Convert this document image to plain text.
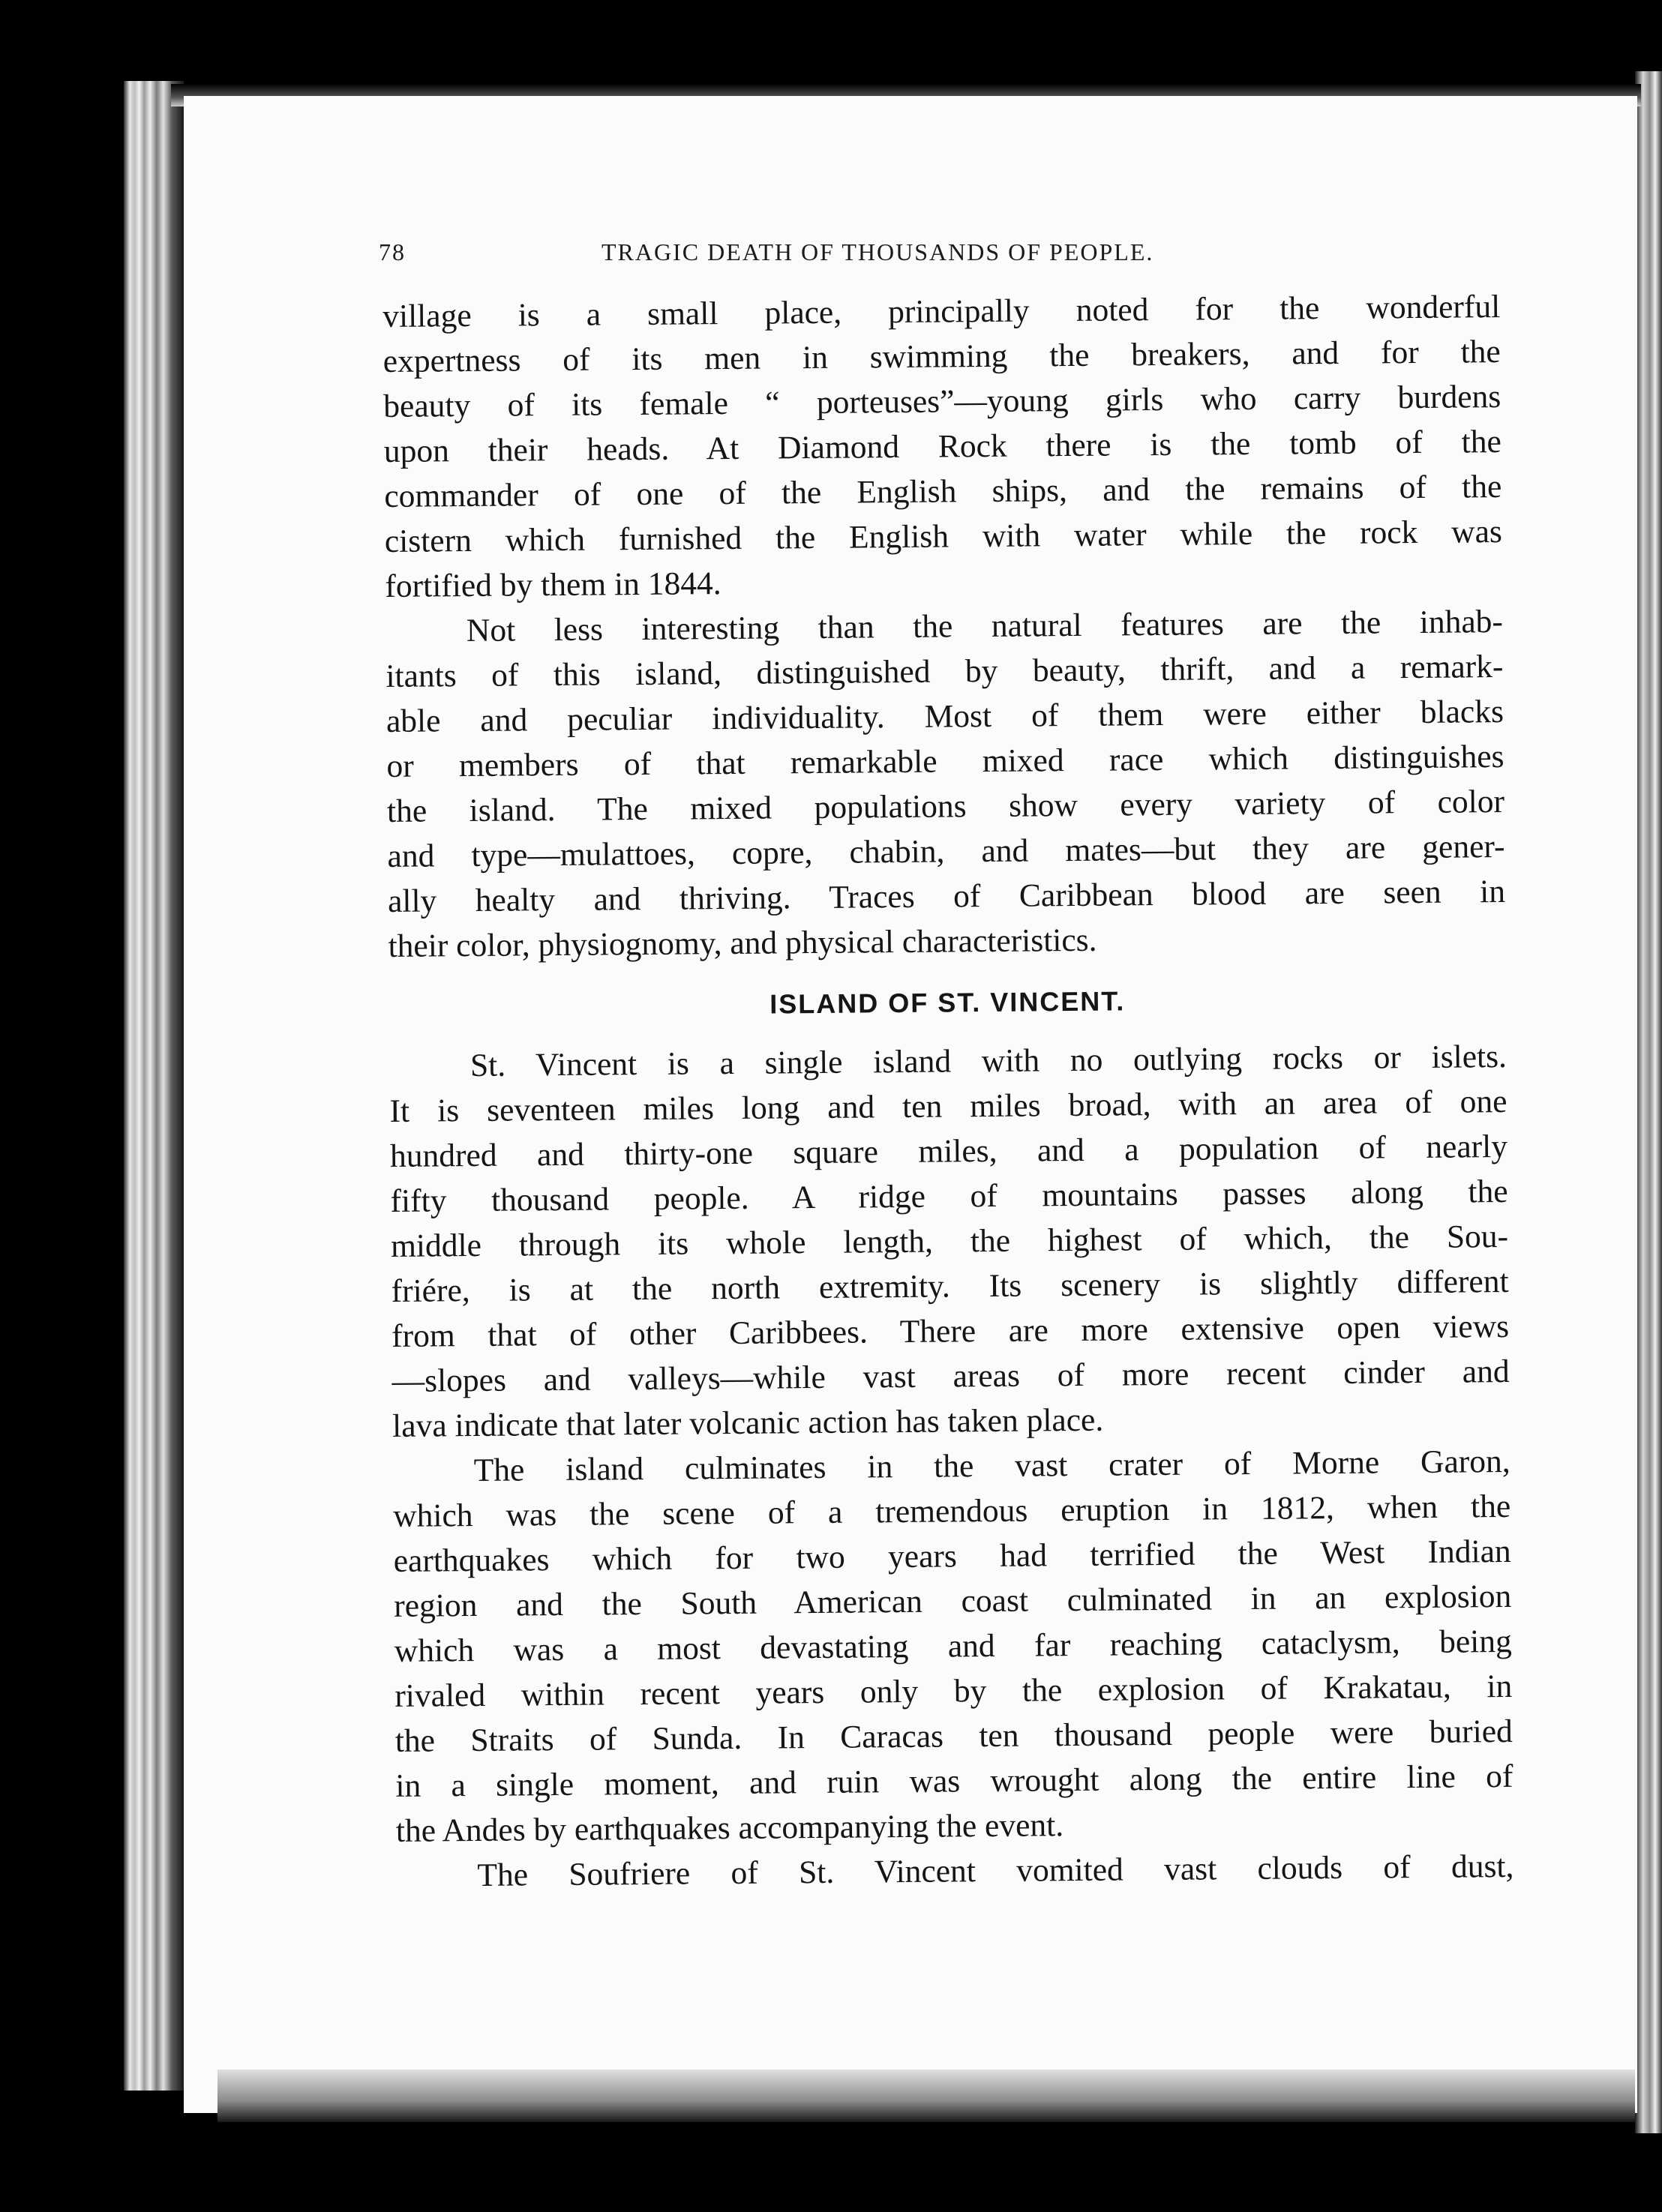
78	TRAGIC DEATH OF THOUSANDS OF PEOPLE.
village is a small place, principally noted for the wonderful
expertness of its men in swimming the breakers, and for the
beauty of its female “ porteuses”—young girls who carry burdens
upon their heads. At Diamond Rock there is the tomb of the
commander of one of the English ships, and the remains of the
cistern which furnished the English with water while the rock was
fortified by them in 1844.
Not less interesting than the natural features are the inhab-
itants of this island, distinguished by beauty, thrift, and a remark-
able and peculiar individuality. Most of them were either blacks
or members of that remarkable mixed race which distinguishes
the island. The mixed populations show every variety of color
and type—mulattoes, copre, chabin, and mates—but they are gener-
ally healty and thriving. Traces of Caribbean blood are seen in
their color, physiognomy, and physical characteristics.
ISLAND OF ST. VINCENT.
St. Vincent is a single island with no outlying rocks or islets.
It is seventeen miles long and ten miles broad, with an area of one
hundred and thirty-one square miles, and a population of nearly
fifty thousand people. A ridge of mountains passes along the
middle through its whole length, the highest of which, the Sou-
friére, is at the north extremity. Its scenery is slightly different
from that of other Caribbees. There are more extensive open views
—slopes and valleys—while vast areas of more recent cinder and
lava indicate that later volcanic action has taken place.
The island culminates in the vast crater of Morne Garon,
which was the scene of a tremendous eruption in 1812, when the
earthquakes which for two years had terrified the West Indian
region and the South American coast culminated in an explosion
which was a most devastating and far reaching cataclysm, being
rivaled within recent years only by the explosion of Krakatau, in
the Straits of Sunda. In Caracas ten thousand people were buried
in a single moment, and ruin was wrought along the entire line of
the Andes by earthquakes accompanying the event.
The Soufriere of St. Vincent vomited vast clouds of dust,
